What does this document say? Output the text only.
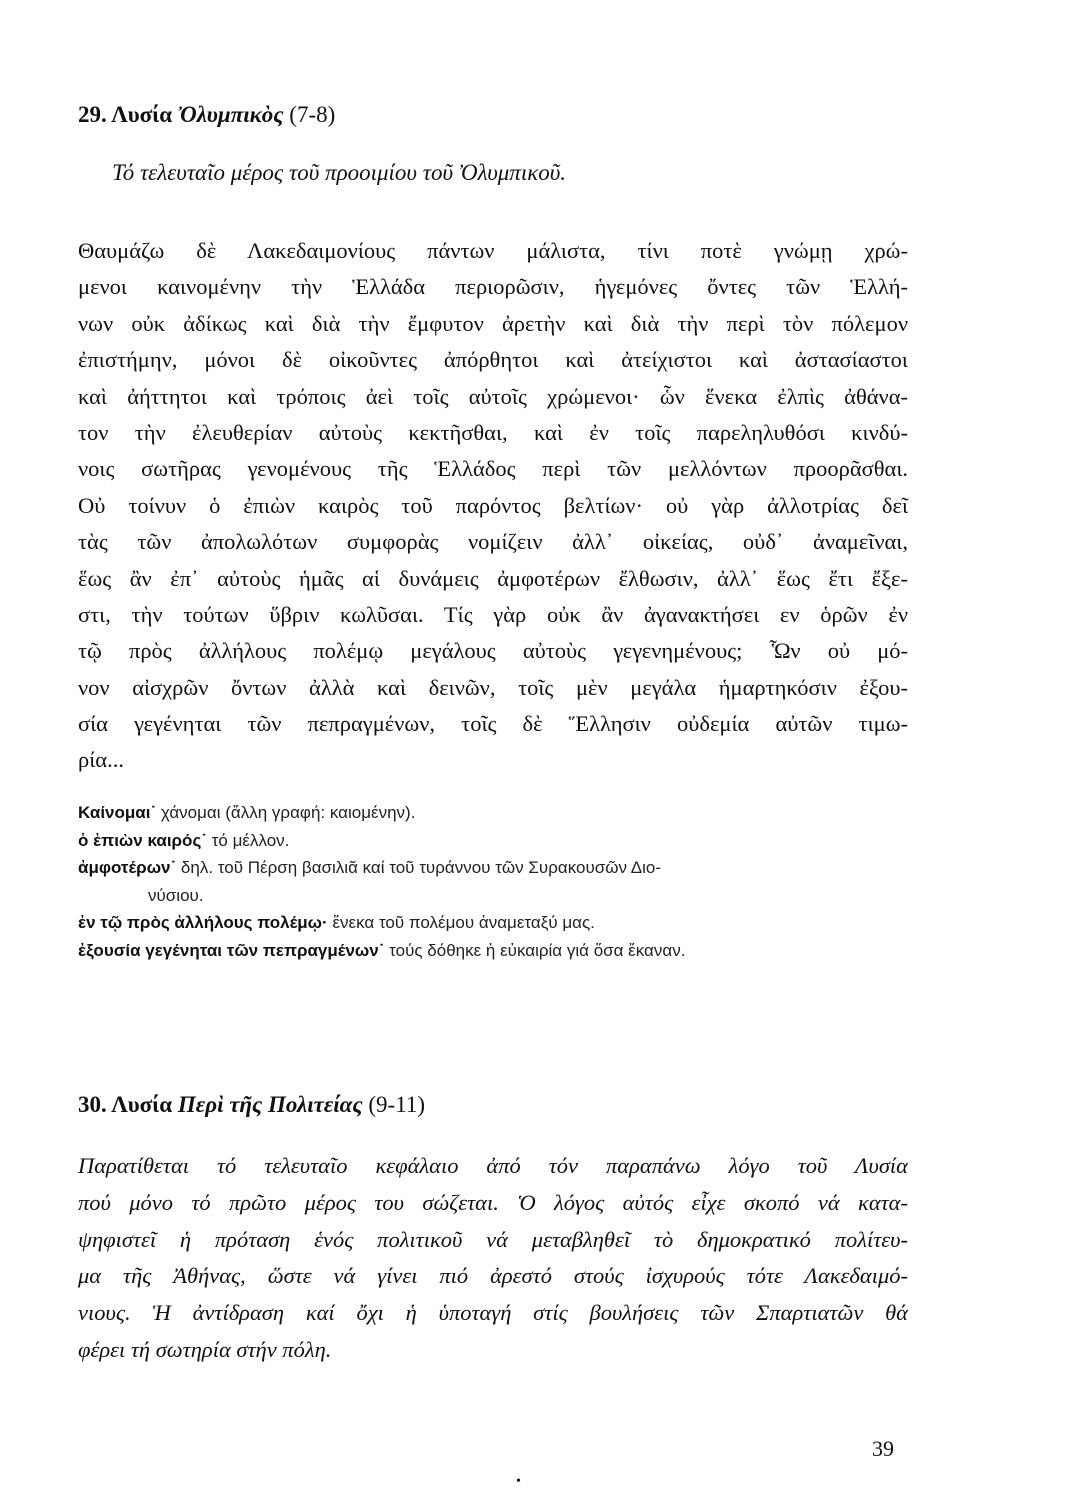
29. Λυσία Ὀλυμπικὸς (7-8)
Τό τελευταῖο μέρος τοῦ προοιμίου τοῦ Ὀλυμπικοῦ.
Θαυμάζω δὲ Λακεδαιμονίους πάντων μάλιστα, τίνι ποτὲ γνώμῃ χρώ-
μενοι καινομένην τὴν Ἑλλάδα περιορῶσιν, ἡγεμόνες ὄντες τῶν Ἑλλή-
νων οὐκ ἀδίκως καὶ διὰ τὴν ἔμφυτον ἀρετὴν καὶ διὰ τὴν περὶ τὸν πόλεμον
ἐπιστήμην, μόνοι δὲ οἰκοῦντες ἀπόρθητοι καὶ ἀτείχιστοι καὶ ἀστασίαστοι
καὶ ἀήττητοι καὶ τρόποις ἀεὶ τοῖς αὐτοῖς χρώμενοι· ὧν ἕνεκα ἐλπὶς ἀθάνα-
τον τὴν ἐλευθερίαν αὐτοὺς κεκτῆσθαι, καὶ ἐν τοῖς παρεληλυθόσι κινδύ-
νοις σωτῆρας γενομένους τῆς Ἑλλάδος περὶ τῶν μελλόντων προορᾶσθαι.
Οὐ τοίνυν ὁ ἐπιὼν καιρὸς τοῦ παρόντος βελτίων· οὐ γὰρ ἀλλοτρίας δεῖ
τὰς τῶν ἀπολωλότων συμφορὰς νομίζειν ἀλλ᾽ οἰκείας, οὐδ᾽ ἀναμεῖναι,
ἕως ἂν ἐπ᾽ αὐτοὺς ἡμᾶς αἱ δυνάμεις ἀμφοτέρων ἔλθωσιν, ἀλλ᾽ ἕως ἔτι ἔξε-
στι, τὴν τούτων ὕβριν κωλῦσαι. Τίς γὰρ οὐκ ἂν ἀγανακτήσει εν ὁρῶν ἐν
τῷ πρὸς ἀλλήλους πολέμῳ μεγάλους αὐτοὺς γεγενημένους; Ὧν οὐ μό-
νον αἰσχρῶν ὄντων ἀλλὰ καὶ δεινῶν, τοῖς μὲν μεγάλα ἡμαρτηκόσιν ἐξου-
σία γεγένηται τῶν πεπραγμένων, τοῖς δὲ Ἕλλησιν οὐδεμία αὐτῶν τιμω-
ρία...
Καίνομαι˙ χάνομαι (ἄλλη γραφή: καιομένην).
ὁ ἐπιὼν καιρός˙ τό μέλλον.
ἀμφοτέρων˙ δηλ. τοῦ Πέρση βασιλιᾶ καί τοῦ τυράννου τῶν Συρακουσῶν Διο-
νύσιου.
ἐν τῷ πρὸς ἀλλήλους πολέμῳ· ἕνεκα τοῦ πολέμου ἀναμεταξύ μας.
ἐξουσία γεγένηται τῶν πεπραγμένων˙ τούς δόθηκε ἡ εὐκαιρία γιά ὅσα ἔκαναν.
30. Λυσία Περὶ τῆς Πολιτείας (9-11)
Παρατίθεται τό τελευταῖο κεφάλαιο ἀπό τόν παραπάνω λόγο τοῦ Λυσία
πού μόνο τό πρῶτο μέρος του σώζεται. Ὁ λόγος αὐτός εἶχε σκοπό νά κατα-
ψηφιστεῖ ἡ πρόταση ἑνός πολιτικοῦ νά μεταβληθεῖ τὸ δημοκρατικό πολίτευ-
μα τῆς Ἀθήνας, ὥστε νά γίνει πιό ἀρεστό στούς ἰσχυρούς τότε Λακεδαιμό-
νιους. Ἡ ἀντίδραση καί ὄχι ἡ ὑποταγή στίς βουλήσεις τῶν Σπαρτιατῶν θά
φέρει τή σωτηρία στήν πόλη.
39
•
